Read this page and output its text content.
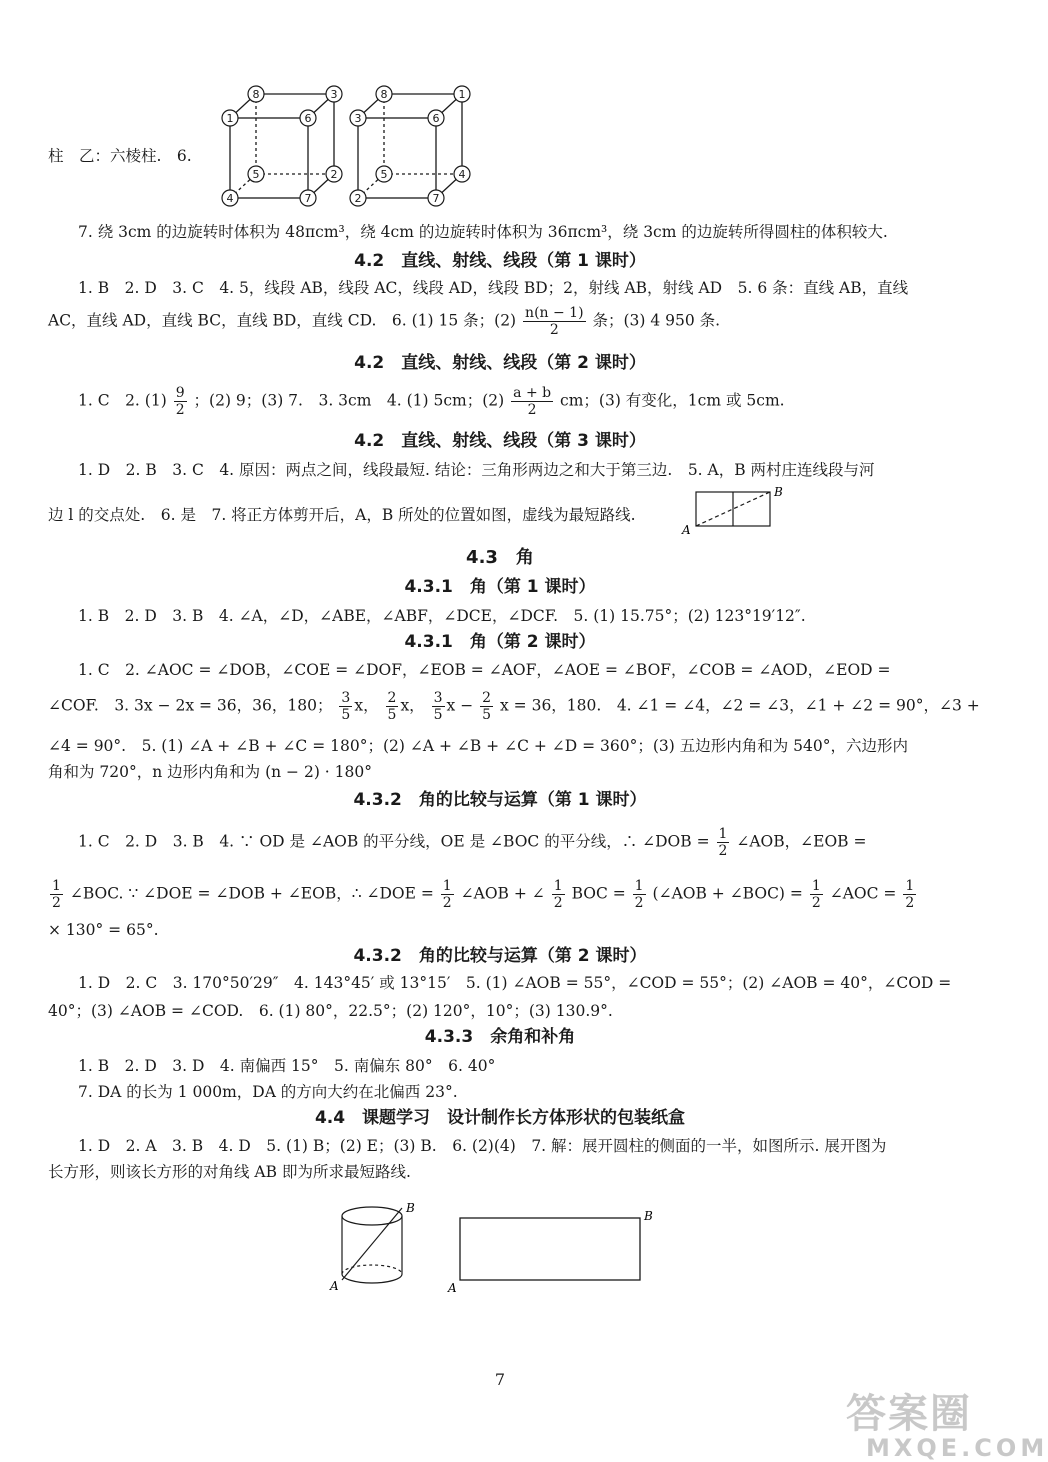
8	3
1	6
5	2
4	7
8	1
3	6
5	4
2	7
柱　乙：六棱柱.　6.
7. 绕 3cm 的边旋转时体积为 48πcm³，绕 4cm 的边旋转时体积为 36πcm³，绕 3cm 的边旋转所得圆柱的体积较大.
4.2　直线、射线、线段（第 1 课时）
1. B　2. D　3. C　4. 5，线段 AB，线段 AC，线段 AD，线段 BD；2，射线 AB，射线 AD　5. 6 条：直线 AB，直线
AC，直线 AD，直线 BC，直线 BD，直线 CD.　6. (1) 15 条；$(2) \frac{n(n - 1)}{2}$ 条；(3) 4 950 条.
4.2　直线、射线、线段（第 2 课时）
1. C　2. $(1) \frac{9}{2}$ ；(2) 9；(3) 7.　3. 3cm　4. (1) 5cm；$(2) \frac{a + b}{2}$ cm；(3) 有变化，1cm 或 5cm.
4.2　直线、射线、线段（第 3 课时）
1. D　2. B　3. C　4. 原因：两点之间，线段最短. 结论：三角形两边之和大于第三边.　5. A，B 两村庄连线段与河
边 l 的交点处.　6. 是　7. 将正方体剪开后，A，B 所处的位置如图，虚线为最短路线.
A
B
4.3　角
4.3.1　角（第 1 课时）
1. B　2. D　3. B　4. ∠A，∠D，∠ABE，∠ABF，∠DCE，∠DCF.　5. (1) 15.75°；(2) 123°19′12″.
4.3.1　角（第 2 课时）
1. C　2. ∠AOC = ∠DOB，∠COE = ∠DOF，∠EOB = ∠AOF，∠AOE = ∠BOF，∠COB = ∠AOD，∠EOD =
∠COF.　3. 3x − 2x = 36，36，180； $\frac{3}{5}$ x， $\frac{2}{5}$ x， $\frac{3}{5}$ $x - \frac{2}{5}$ x = 36，180.　4. ∠1 = ∠4，∠2 = ∠3，∠1 + ∠2 = 90°，∠3 +
∠4 = 90°.　5. (1) ∠A + ∠B + ∠C = 180°；(2) ∠A + ∠B + ∠C + ∠D = 360°；(3) 五边形内角和为 540°，六边形内
角和为 720°，n 边形内角和为 (n − 2) · 180°
4.3.2　角的比较与运算（第 1 课时）
1. C　2. D　3. B　4. ∵ OD 是 ∠AOB 的平分线，OE 是 ∠BOC 的平分线，∴ ∠DOB = $\frac{1}{2}$ ∠AOB，∠EOB =
$\frac{1}{2}$ ∠BOC. ∵ ∠DOE = ∠DOB + ∠EOB，∴ ∠DOE = $\frac{1}{2}$ ∠AOB + ∠ $\frac{1}{2}$ BOC = $\frac{1}{2}$ (∠AOB + ∠BOC) = $\frac{1}{2}$ ∠AOC = $\frac{1}{2}$
× 130° = 65°.
4.3.2　角的比较与运算（第 2 课时）
1. D　2. C　3. 170°50′29″　4. 143°45′ 或 13°15′　5. (1) ∠AOB = 55°，∠COD = 55°；(2) ∠AOB = 40°，∠COD =
40°；(3) ∠AOB = ∠COD.　6. (1) 80°，22.5°；(2) 120°，10°；(3) 130.9°.
4.3.3　余角和补角
1. B　2. D　3. D　4. 南偏西 15°　5. 南偏东 80°　6. 40°
7. DA 的长为 1 000m，DA 的方向大约在北偏西 23°.
4.4　课题学习　设计制作长方体形状的包装纸盒
1. D　2. A　3. B　4. D　5. (1) B；(2) E；(3) B.　6. (2)(4)　7. 解：展开圆柱的侧面的一半，如图所示. 展开图为
长方形，则该长方形的对角线 AB 即为所求最短路线.
A
B
A
B
7
答案圈
MXQE.COM
